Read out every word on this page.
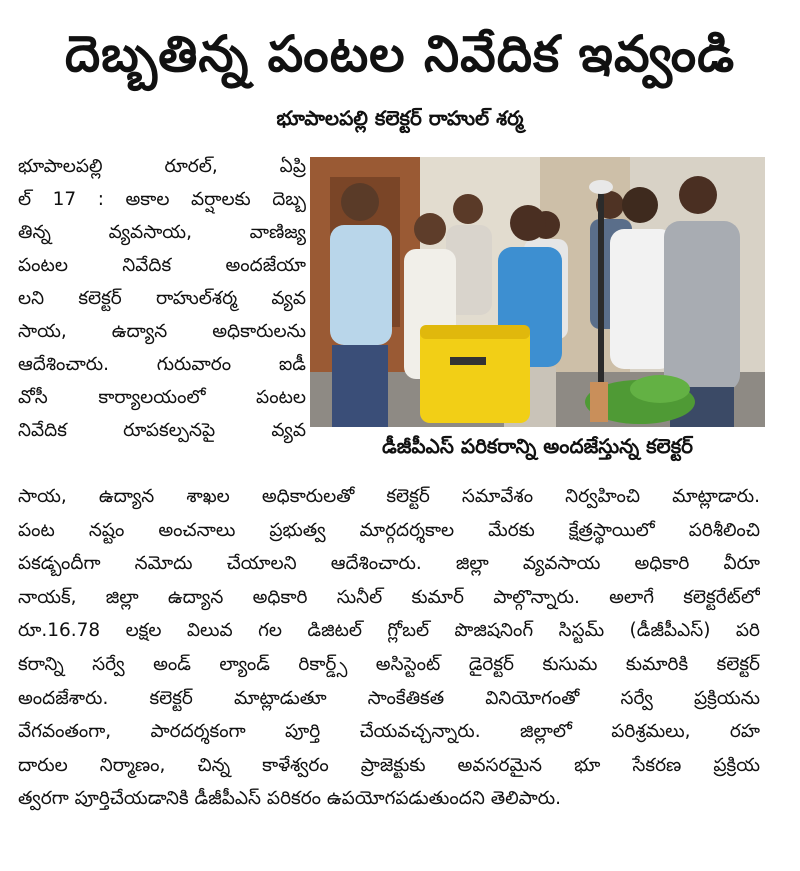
దెబ్బతిన్న పంటల నివేదిక ఇవ్వండి
భూపాలపల్లి కలెక్టర్ రాహుల్ శర్మ
భూపాలపల్లి రూరల్, ఏప్రి
ల్ 17 : అకాల వర్షాలకు దెబ్బ
తిన్న వ్యవసాయ, వాణిజ్య
పంటల నివేదిక అందజేయా
లని కలెక్టర్ రాహుల్‌శర్మ వ్యవ
సాయ, ఉద్యాన అధికారులను
ఆదేశించారు. గురువారం ఐడీ
వోసీ కార్యాలయంలో పంటల
నివేదిక రూపకల్పనపై వ్యవ
డీజీపీఎస్ పరికరాన్ని అందజేస్తున్న కలెక్టర్
సాయ, ఉద్యాన శాఖల అధికారులతో కలెక్టర్ సమావేశం నిర్వహించి మాట్లాడారు.
పంట నష్టం అంచనాలు ప్రభుత్వ మార్గదర్శకాల మేరకు క్షేత్రస్థాయిలో పరిశీలించి
పకడ్బందీగా నమోదు చేయాలని ఆదేశించారు. జిల్లా వ్యవసాయ అధికారి వీరూ
నాయక్, జిల్లా ఉద్యాన అధికారి సునీల్ కుమార్ పాల్గొన్నారు. అలాగే కలెక్టరేట్‌లో
రూ.16.78 లక్షల విలువ గల డిజిటల్ గ్లోబల్ పొజిషనింగ్ సిస్టమ్ (డీజీపీఎస్) పరి
కరాన్ని సర్వే అండ్ ల్యాండ్ రికార్డ్స్ అసిస్టెంట్ డైరెక్టర్ కుసుమ కుమారికి కలెక్టర్
అందజేశారు. కలెక్టర్ మాట్లాడుతూ సాంకేతికత వినియోగంతో సర్వే ప్రక్రియను
వేగవంతంగా, పారదర్శకంగా పూర్తి చేయవచ్చన్నారు. జిల్లాలో పరిశ్రమలు, రహ
దారుల నిర్మాణం, చిన్న కాళేశ్వరం ప్రాజెక్టుకు అవసరమైన భూ సేకరణ ప్రక్రియ
త్వరగా పూర్తిచేయడానికి డీజీపీఎస్ పరికరం ఉపయోగపడుతుందని తెలిపారు.
